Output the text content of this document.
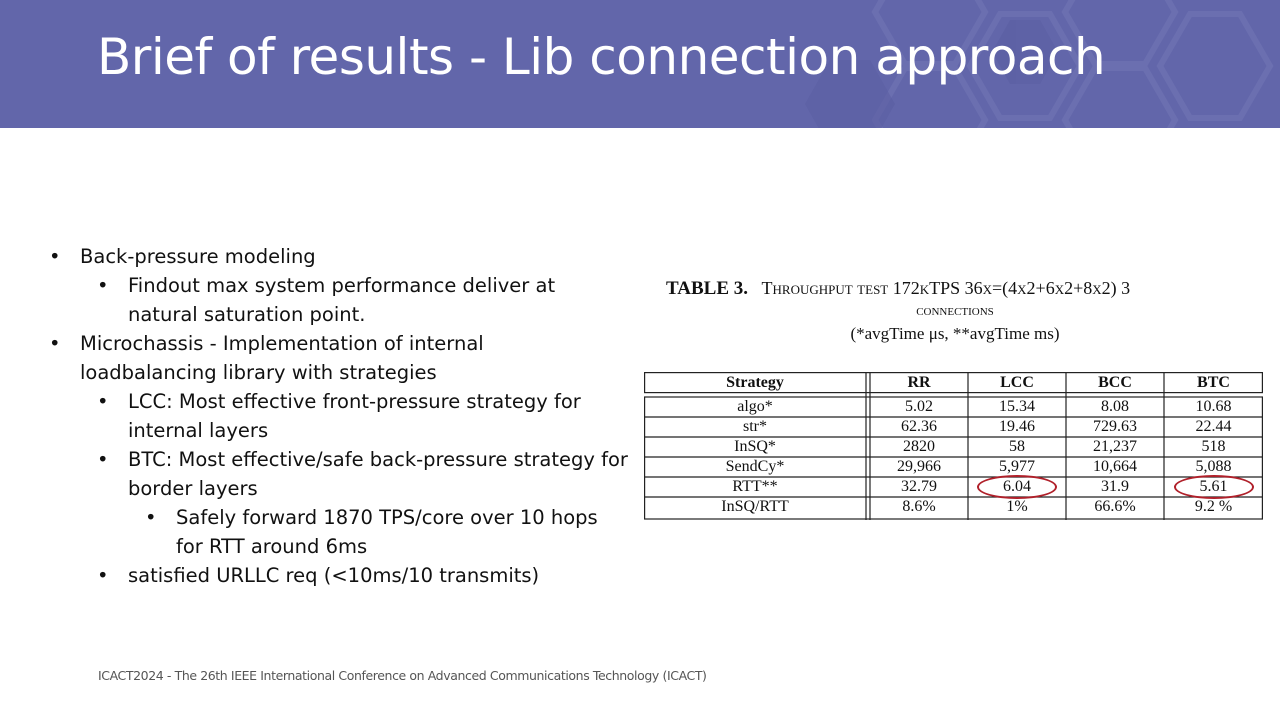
Brief of results - Lib connection approach
• Back-pressure modeling
• Findout max system performance deliver at
natural saturation point.
• Microchassis - Implementation of internal
loadbalancing library with strategies
• LCC: Most effective front-pressure strategy for
internal layers
• BTC: Most effective/safe back-pressure strategy for
border layers
• Safely forward 1870 TPS/core over 10 hops
for RTT around 6ms
• satisfied URLLC req (<10ms/10 transmits)
TABLE 3. Throughput test 172kTPS 36x=(4x2+6x2+8x2) 3
connections
(*avgTime μs, **avgTime ms)
Strategy	RR	LCC	BCC	BTC
algo*	5.02	15.34	8.08	10.68
str*	62.36	19.46	729.63	22.44
InSQ*	2820	58	21,237	518
SendCy*	29,966	5,977	10,664	5,088
RTT**	32.79	6.04	31.9	5.61
InSQ/RTT	8.6%	1%	66.6%	9.2 %
ICACT2024 - The 26th IEEE International Conference on Advanced Communications Technology (ICACT)
